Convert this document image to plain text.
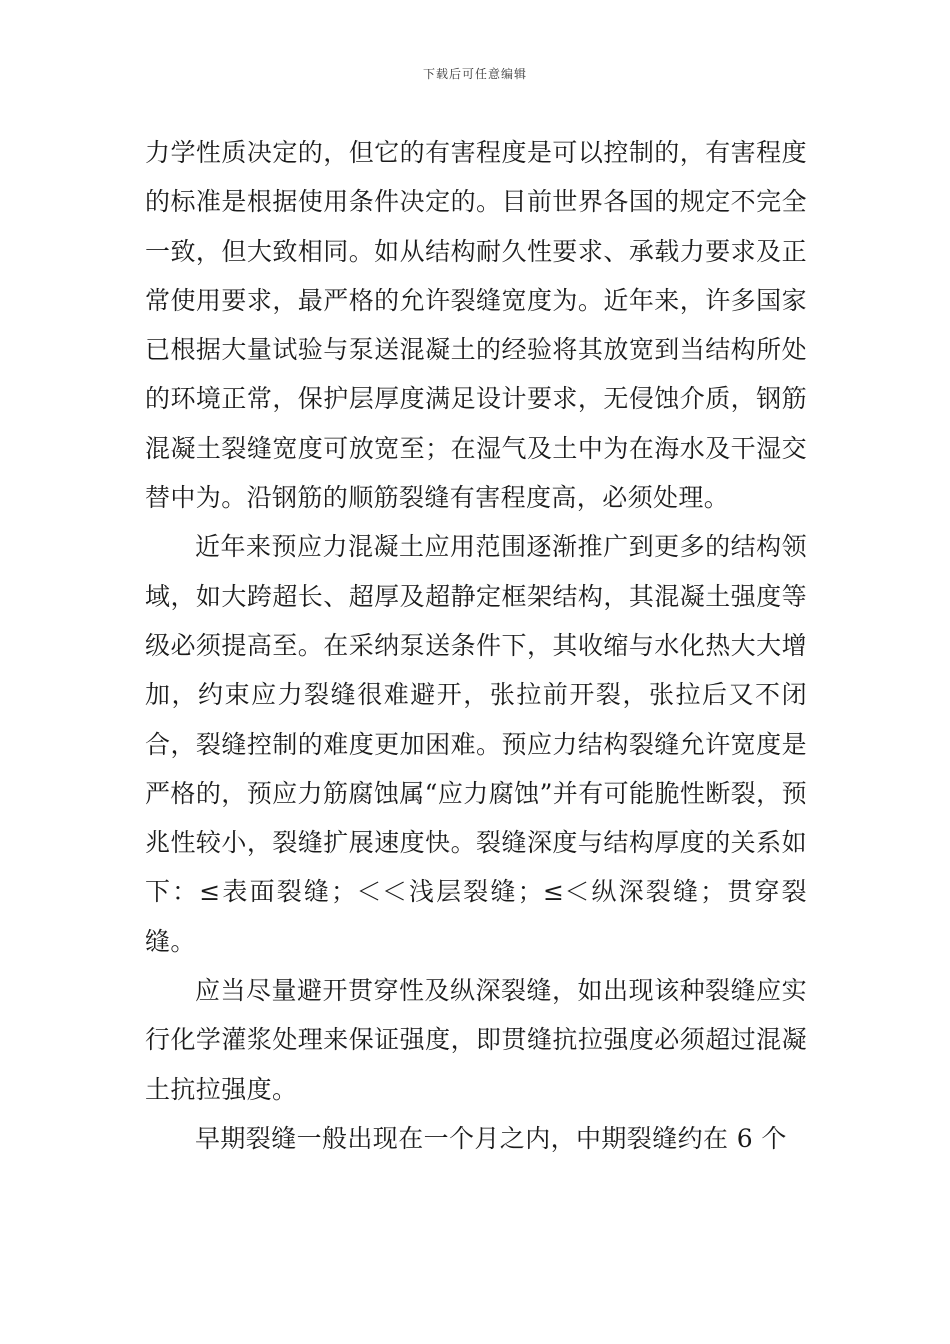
下载后可任意编辑

力学性质决定的，但它的有害程度是可以控制的，有害程度的标准是根据使用条件决定的。目前世界各国的规定不完全一致，但大致相同。如从结构耐久性要求、承载力要求及正常使用要求，最严格的允许裂缝宽度为。近年来，许多国家已根据大量试验与泵送混凝土的经验将其放宽到当结构所处的环境正常，保护层厚度满足设计要求，无侵蚀介质，钢筋混凝土裂缝宽度可放宽至；在湿气及土中为在海水及干湿交替中为。沿钢筋的顺筋裂缝有害程度高，必须处理。

近年来预应力混凝土应用范围逐渐推广到更多的结构领域，如大跨超长、超厚及超静定框架结构，其混凝土强度等级必须提高至。在采纳泵送条件下，其收缩与水化热大大增加，约束应力裂缝很难避开，张拉前开裂，张拉后又不闭合，裂缝控制的难度更加困难。预应力结构裂缝允许宽度是严格的，预应力筋腐蚀属“应力腐蚀”并有可能脆性断裂，预兆性较小，裂缝扩展速度快。裂缝深度与结构厚度的关系如下：≤表面裂缝；＜＜浅层裂缝；≤＜纵深裂缝；贯穿裂缝。

应当尽量避开贯穿性及纵深裂缝，如出现该种裂缝应实行化学灌浆处理来保证强度，即贯缝抗拉强度必须超过混凝土抗拉强度。

早期裂缝一般出现在一个月之内，中期裂缝约在 6 个
